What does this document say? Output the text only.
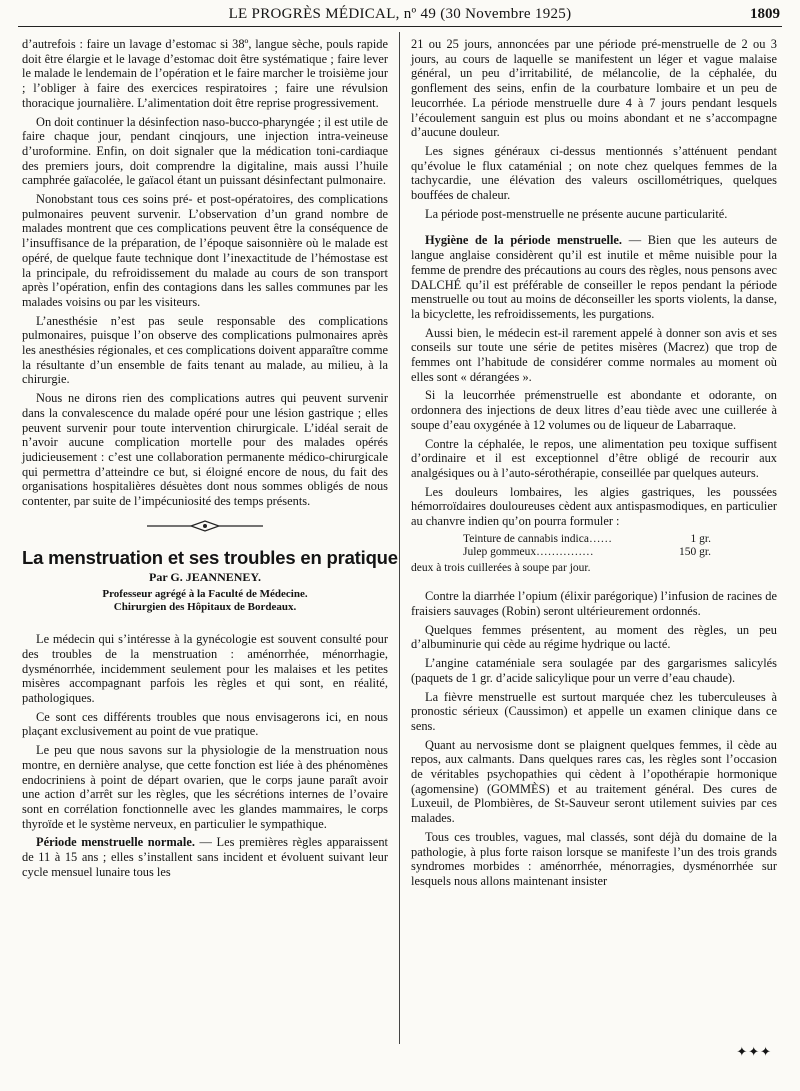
LE PROGRÈS MÉDICAL, nº 49 (30 Novembre 1925)	1809

d’autrefois : faire un lavage d’estomac si 38º, langue sèche, pouls rapide doit être élargie et le lavage d’estomac doit être systématique ; faire lever le malade le lendemain de l’opération et le faire marcher le troisième jour ; l’obliger à faire des exercices respiratoires ; faire une révulsion thoracique journalière. L’alimentation doit être reprise progressivement.

On doit continuer la désinfection naso-bucco-pharyngée ; il est utile de faire chaque jour, pendant cinqjours, une injection intra-veineuse d’uroformine. Enfin, on doit signaler que la médication toni-cardiaque des premiers jours, doit comprendre la digitaline, mais aussi l’huile camphrée gaïacolée, le gaïacol étant un puissant désinfectant pulmonaire.

Nonobstant tous ces soins pré- et post-opératoires, des complications pulmonaires peuvent survenir. L’observation d’un grand nombre de malades montrent que ces complications peuvent être la conséquence de l’insuffisance de la préparation, de l’époque saisonnière où le malade est opéré, de quelque faute technique dont l’inexactitude de l’hémostase est la principale, du refroidissement du malade au cours de son transport après l’opération, enfin des contagions dans les salles communes par les malades voisins ou par les visiteurs.

L’anesthésie n’est pas seule responsable des complications pulmonaires, puisque l’on observe des complications pulmonaires après les anesthésies régionales, et ces complications doivent apparaître comme la résultante d’un ensemble de faits tenant au malade, au milieu, à la chirurgie.

Nous ne dirons rien des complications autres qui peuvent survenir dans la convalescence du malade opéré pour une lésion gastrique ; elles peuvent survenir pour toute intervention chirurgicale. L’idéal serait de n’avoir aucune complication mortelle pour des malades opérés judicieusement : c’est une collaboration permanente médico-chirurgicale qui permettra d’atteindre ce but, si éloigné encore de nous, du fait des organisations hospitalières désuètes dont nous sommes obligés de nous contenter, par suite de l’impécuniosité des temps présents.

La menstruation et ses troubles en pratique
Par G. JEANNENEY.
Professeur agrégé à la Faculté de Médecine.
Chirurgien des Hôpitaux de Bordeaux.

Le médecin qui s’intéresse à la gynécologie est souvent consulté pour des troubles de la menstruation : aménorrhée, ménorrhagie, dysménorrhée, incidemment seulement pour les malaises et les petites misères accompagnant parfois les règles et qui sont, en réalité, pathologiques.

Ce sont ces différents troubles que nous envisagerons ici, en nous plaçant exclusivement au point de vue pratique.

Le peu que nous savons sur la physiologie de la menstruation nous montre, en dernière analyse, que cette fonction est liée à des phénomènes endocriniens à point de départ ovarien, que le corps jaune paraît avoir une action d’arrêt sur les règles, que les sécrétions internes de l’ovaire sont en corrélation fonctionnelle avec les glandes mammaires, le corps thyroïde et le système nerveux, en particulier le sympathique.

Période menstruelle normale. — Les premières règles apparaissent de 11 à 15 ans ; elles s’installent sans incident et évoluent suivant leur cycle mensuel lunaire tous les

21 ou 25 jours, annoncées par une période pré-menstruelle de 2 ou 3 jours, au cours de laquelle se manifestent un léger et vague malaise général, un peu d’irritabilité, de mélancolie, de la céphalée, du gonflement des seins, enfin de la courbature lombaire et un peu de leucorrhée. La période menstruelle dure 4 à 7 jours pendant lesquels l’écoulement sanguin est plus ou moins abondant et ne s’accompagne d’aucune douleur.

Les signes généraux ci-dessus mentionnés s’atténuent pendant qu’évolue le flux cataménial ; on note chez quelques femmes de la tachycardie, une élévation des valeurs oscillométriques, quelques bouffées de chaleur.

La période post-menstruelle ne présente aucune particularité.

Hygiène de la période menstruelle. — Bien que les auteurs de langue anglaise considèrent qu’il est inutile et même nuisible pour la femme de prendre des précautions au cours des règles, nous pensons avec DALCHÉ qu’il est préférable de conseiller le repos pendant la période menstruelle ou tout au moins de déconseiller les sports violents, la danse, la bicyclette, les refroidissements, les purgations.

Aussi bien, le médecin est-il rarement appelé à donner son avis et ses conseils sur toute une série de petites misères (Macrez) que trop de femmes ont l’habitude de considérer comme normales au moment où elles sont « dérangées ».

Si la leucorrhée prémenstruelle est abondante et odorante, on ordonnera des injections de deux litres d’eau tiède avec une cuillerée à soupe d’eau oxygénée à 12 volumes ou de liqueur de Labarraque.

Contre la céphalée, le repos, une alimentation peu toxique suffisent d’ordinaire et il est exceptionnel d’être obligé de recourir aux analgésiques ou à l’auto-sérothérapie, conseillée par quelques auteurs.

Les douleurs lombaires, les algies gastriques, les poussées hémorroïdaires douloureuses cèdent aux antispasmodiques, en particulier au chanvre indien qu’on pourra formuler :

Teinture de cannabis indica……	1 gr.
Julep gommeux……………	150 gr.
deux à trois cuillerées à soupe par jour.

Contre la diarrhée l’opium (élixir parégorique) l’infusion de racines de fraisiers sauvages (Robin) seront ultérieurement ordonnés.

Quelques femmes présentent, au moment des règles, un peu d’albuminurie qui cède au régime hydrique ou lacté.

L’angine cataméniale sera soulagée par des gargarismes salicylés (paquets de 1 gr. d’acide salicylique pour un verre d’eau chaude).

La fièvre menstruelle est surtout marquée chez les tuberculeuses à pronostic sérieux (Caussimon) et appelle un examen clinique dans ce sens.

Quant au nervosisme dont se plaignent quelques femmes, il cède au repos, aux calmants. Dans quelques rares cas, les règles sont l’occasion de véritables psychopathies qui cèdent à l’opothérapie hormonique (agomensine) (GOMMÈS) et au traitement général. Des cures de Luxeuil, de Plombières, de St-Sauveur seront utilement suivies par ces malades.

Tous ces troubles, vagues, mal classés, sont déjà du domaine de la pathologie, à plus forte raison lorsque se manifeste l’un des trois grands syndromes morbides : aménorrhée, ménorragies, dysménorrhée sur lesquels nous allons maintenant insister

✦✦✦
